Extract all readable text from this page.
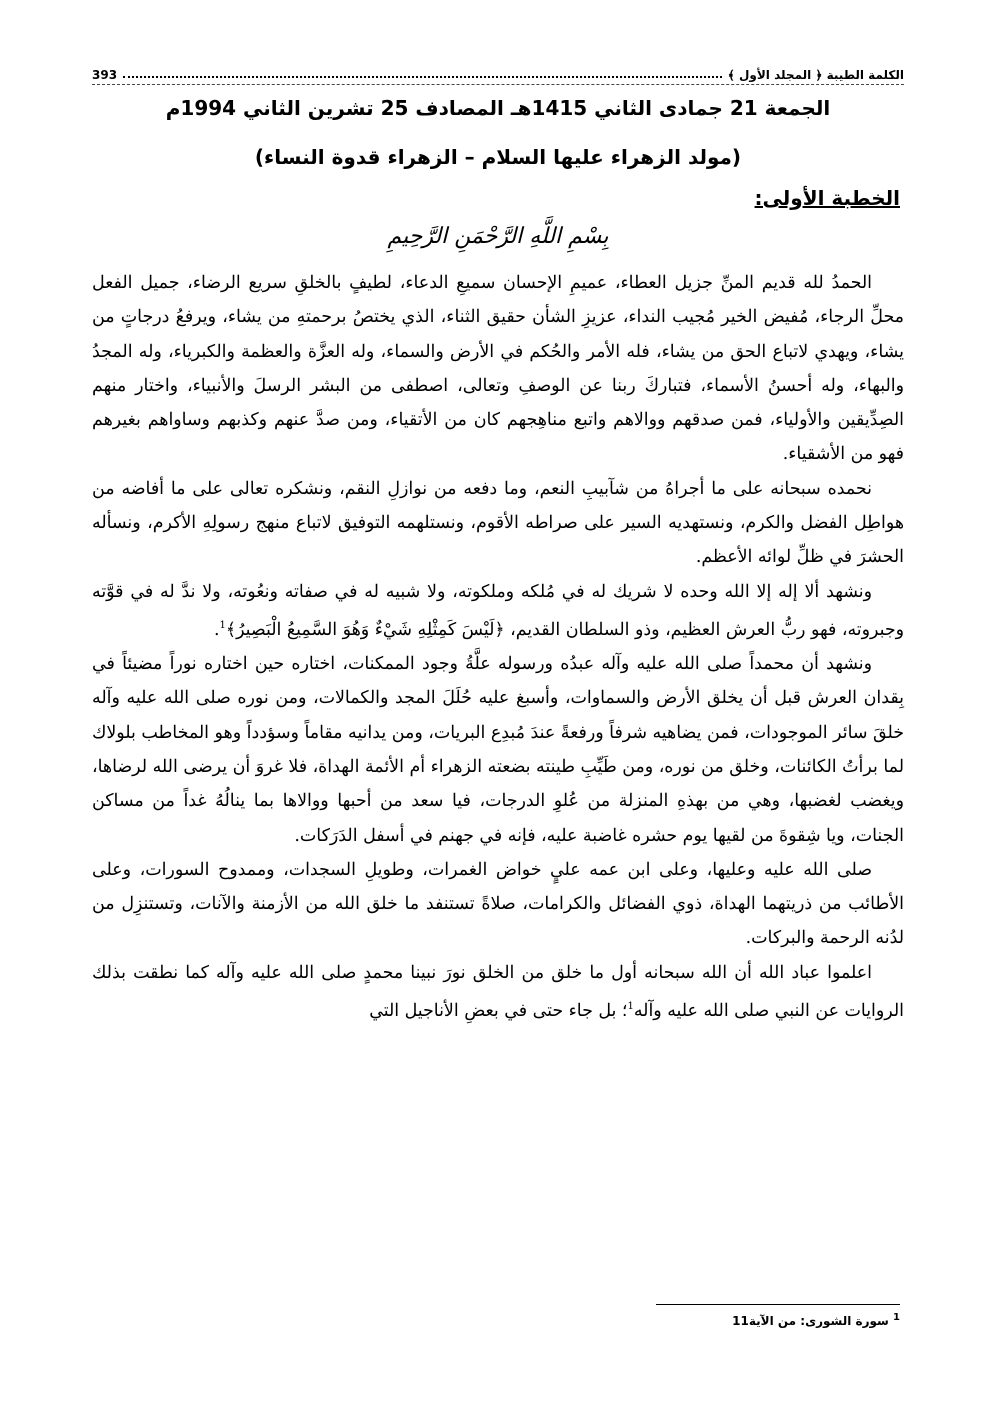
الكلمة الطيبة ﴿ المجلد الأول ﴾
393
الجمعة 21 جمادى الثاني 1415هـ المصادف 25 تشرين الثاني 1994م
(مولد الزهراء عليها السلام – الزهراء قدوة النساء)
الخطبة الأولى:
بِسْمِ اللَّهِ الرَّحْمَنِ الرَّحِيمِ

الحمدُ لله قديم المنِّ جزيل العطاء، عميمِ الإحسان سميعِ الدعاء، لطيفٍ بالخلقِ سريع الرضاء، جميل الفعل محلِّ الرجاء، مُفيض الخير مُجيب النداء، عزيزِ الشأن حقيق الثناء، الذي يختصُ برحمتهِ من يشاء، ويرفعُ درجاتٍ من يشاء، ويهدي لاتباع الحق من يشاء، فله الأمر والحُكم في الأرض والسماء، وله العزَّة والعظمة والكبرياء، وله المجدُ والبهاء، وله أحسنُ الأسماء، فتباركَ ربنا عن الوصفِ وتعالى، اصطفى من البشر الرسلَ والأنبياء، واختار منهم الصِدِّيقين والأولياء، فمن صدقهم ووالاهم واتبع مناهِجهم كان من الأتقياء، ومن صدَّ عنهم وكذبهم وساواهم بغيرهم فهو من الأشقياء.

نحمده سبحانه على ما أجراهُ من شآبيبِ النعم، وما دفعه من نوازلِ النقم، ونشكره تعالى على ما أفاضه من هواطِل الفضل والكرم، ونستهديه السير على صراطه الأقوم، ونستلهمه التوفيق لاتباع منهج رسولِهِ الأكرم، ونسأله الحشرَ في ظلِّ لوائه الأعظم.

ونشهد ألا إله إلا الله وحده لا شريك له في مُلكه وملكوته، ولا شبيه له في صفاته ونعُوته، ولا ندَّ له في قوَّته وجبروته، فهو ربُّ العرش العظيم، وذو السلطان القديم، ﴿لَيْسَ كَمِثْلِهِ شَيْءٌ وَهُوَ السَّمِيعُ الْبَصِيرُ﴾$^1$.

ونشهد أن محمداً صلى الله عليه وآله عبدُه ورسوله علَّةُ وجود الممكنات، اختاره حين اختاره نوراً مضيئاً في بِقدان العرش قبل أن يخلق الأرض والسماوات، وأسبغ عليه حُلَلَ المجد والكمالات، ومن نوره صلى الله عليه وآله خلقَ سائر الموجودات، فمن يضاهيه شرفاً ورفعةً عندَ مُبدِع البريات، ومن يدانيه مقاماً وسؤدداً وهو المخاطب بلولاك لما برأتُ الكائنات، وخلق من نوره، ومن طَيِّبِ طينته بضعته الزهراء أم الأئمة الهداة، فلا غروَ أن يرضى الله لرضاها، ويغضب لغضبها، وهي من بهذهِ المنزلة من عُلوِ الدرجات، فيا سعد من أحبها ووالاها بما ينالُهُ غداً من مساكن الجنات، ويا شِقوةَ من لقيها يوم حشره غاضبة عليه، فإنه في جهنم في أسفل الدَرَكات.

صلى الله عليه وعليها، وعلى ابن عمه عليٍ خواض الغمرات، وطويلِ السجدات، وممدوح السورات، وعلى الأطائب من ذريتهما الهداة، ذوي الفضائل والكرامات، صلاةً تستنفد ما خلق الله من الأزمنة والآنات، وتستنزِل من لدُنه الرحمة والبركات.

اعلموا عباد الله أن الله سبحانه أول ما خلق من الخلق نورَ نبينا محمدٍ صلى الله عليه وآله كما نطقت بذلك الروايات عن النبي صلى الله عليه وآله$^1$؛ بل جاء حتى في بعضِ الأناجيل التي

$^1$ سورة الشورى: من الآية11
